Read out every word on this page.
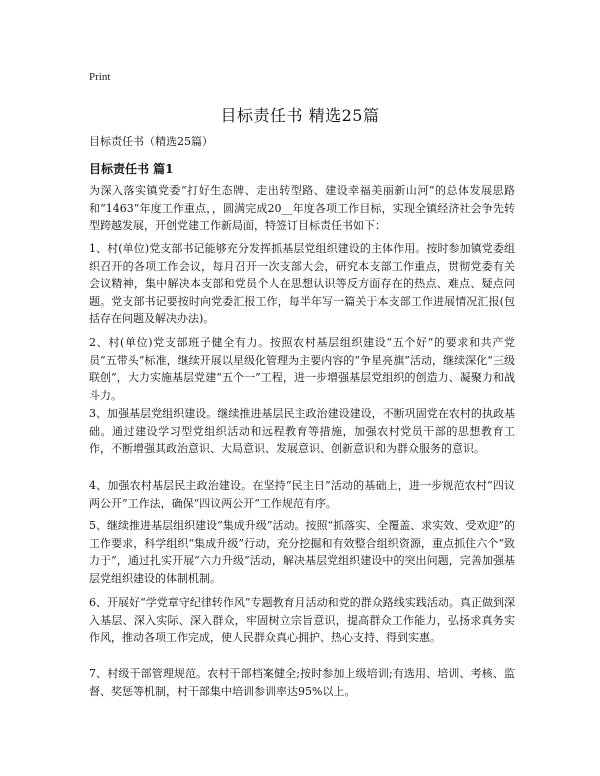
Print
目标责任书 精选25篇
目标责任书（精选25篇）
目标责任书 篇1

为深入落实镇党委“打好生态牌、走出转型路、建设幸福美丽新山河”的总体发展思路和“1463”年度工作重点，，圆满完成20__年度各项工作目标，实现全镇经济社会争先转型跨越发展，开创党建工作新局面，特签订目标责任书如下：

1、村(单位)党支部书记能够充分发挥抓基层党组织建设的主体作用。按时参加镇党委组织召开的各项工作会议，每月召开一次支部大会，研究本支部工作重点，贯彻党委有关会议精神，集中解决本支部和党员个人在思想认识等反方面存在的热点、难点、疑点问题。党支部书记要按时向党委汇报工作，每半年写一篇关于本支部工作进展情况汇报(包括存在问题及解决办法)。

2、村(单位)党支部班子健全有力。按照农村基层组织建设“五个好”的要求和共产党员“五带头”标准，继续开展以星级化管理为主要内容的“争星亮旗”活动，继续深化“三级联创”，大力实施基层党建“五个一”工程，进一步增强基层党组织的创造力、凝聚力和战斗力。

3、加强基层党组织建设。继续推进基层民主政治建设建设，不断巩固党在农村的执政基础。通过建设学习型党组织活动和远程教育等措施，加强农村党员干部的思想教育工作，不断增强其政治意识、大局意识、发展意识、创新意识和为群众服务的意识。

4、加强农村基层民主政治建设。在坚持“民主日”活动的基础上，进一步规范农村“四议两公开”工作法，确保“四议两公开”工作规范有序。

5、继续推进基层组织建设“集成升级”活动。按照“抓落实、全覆盖、求实效、受欢迎”的工作要求，科学组织“集成升级”行动，充分挖掘和有效整合组织资源，重点抓住六个“致力于”，通过扎实开展“六力升级”活动，解决基层党组织建设中的突出问题，完善加强基层党组织建设的体制机制。

6、开展好“学党章守纪律转作风”专题教育月活动和党的群众路线实践活动。真正做到深入基层、深入实际、深入群众，牢固树立宗旨意识，提高群众工作能力，弘扬求真务实作风，推动各项工作完成，使人民群众真心拥护、热心支持、得到实惠。

7、村级干部管理规范。农村干部档案健全;按时参加上级培训;有选用、培训、考核、监督、奖惩等机制，村干部集中培训参训率达95%以上。
